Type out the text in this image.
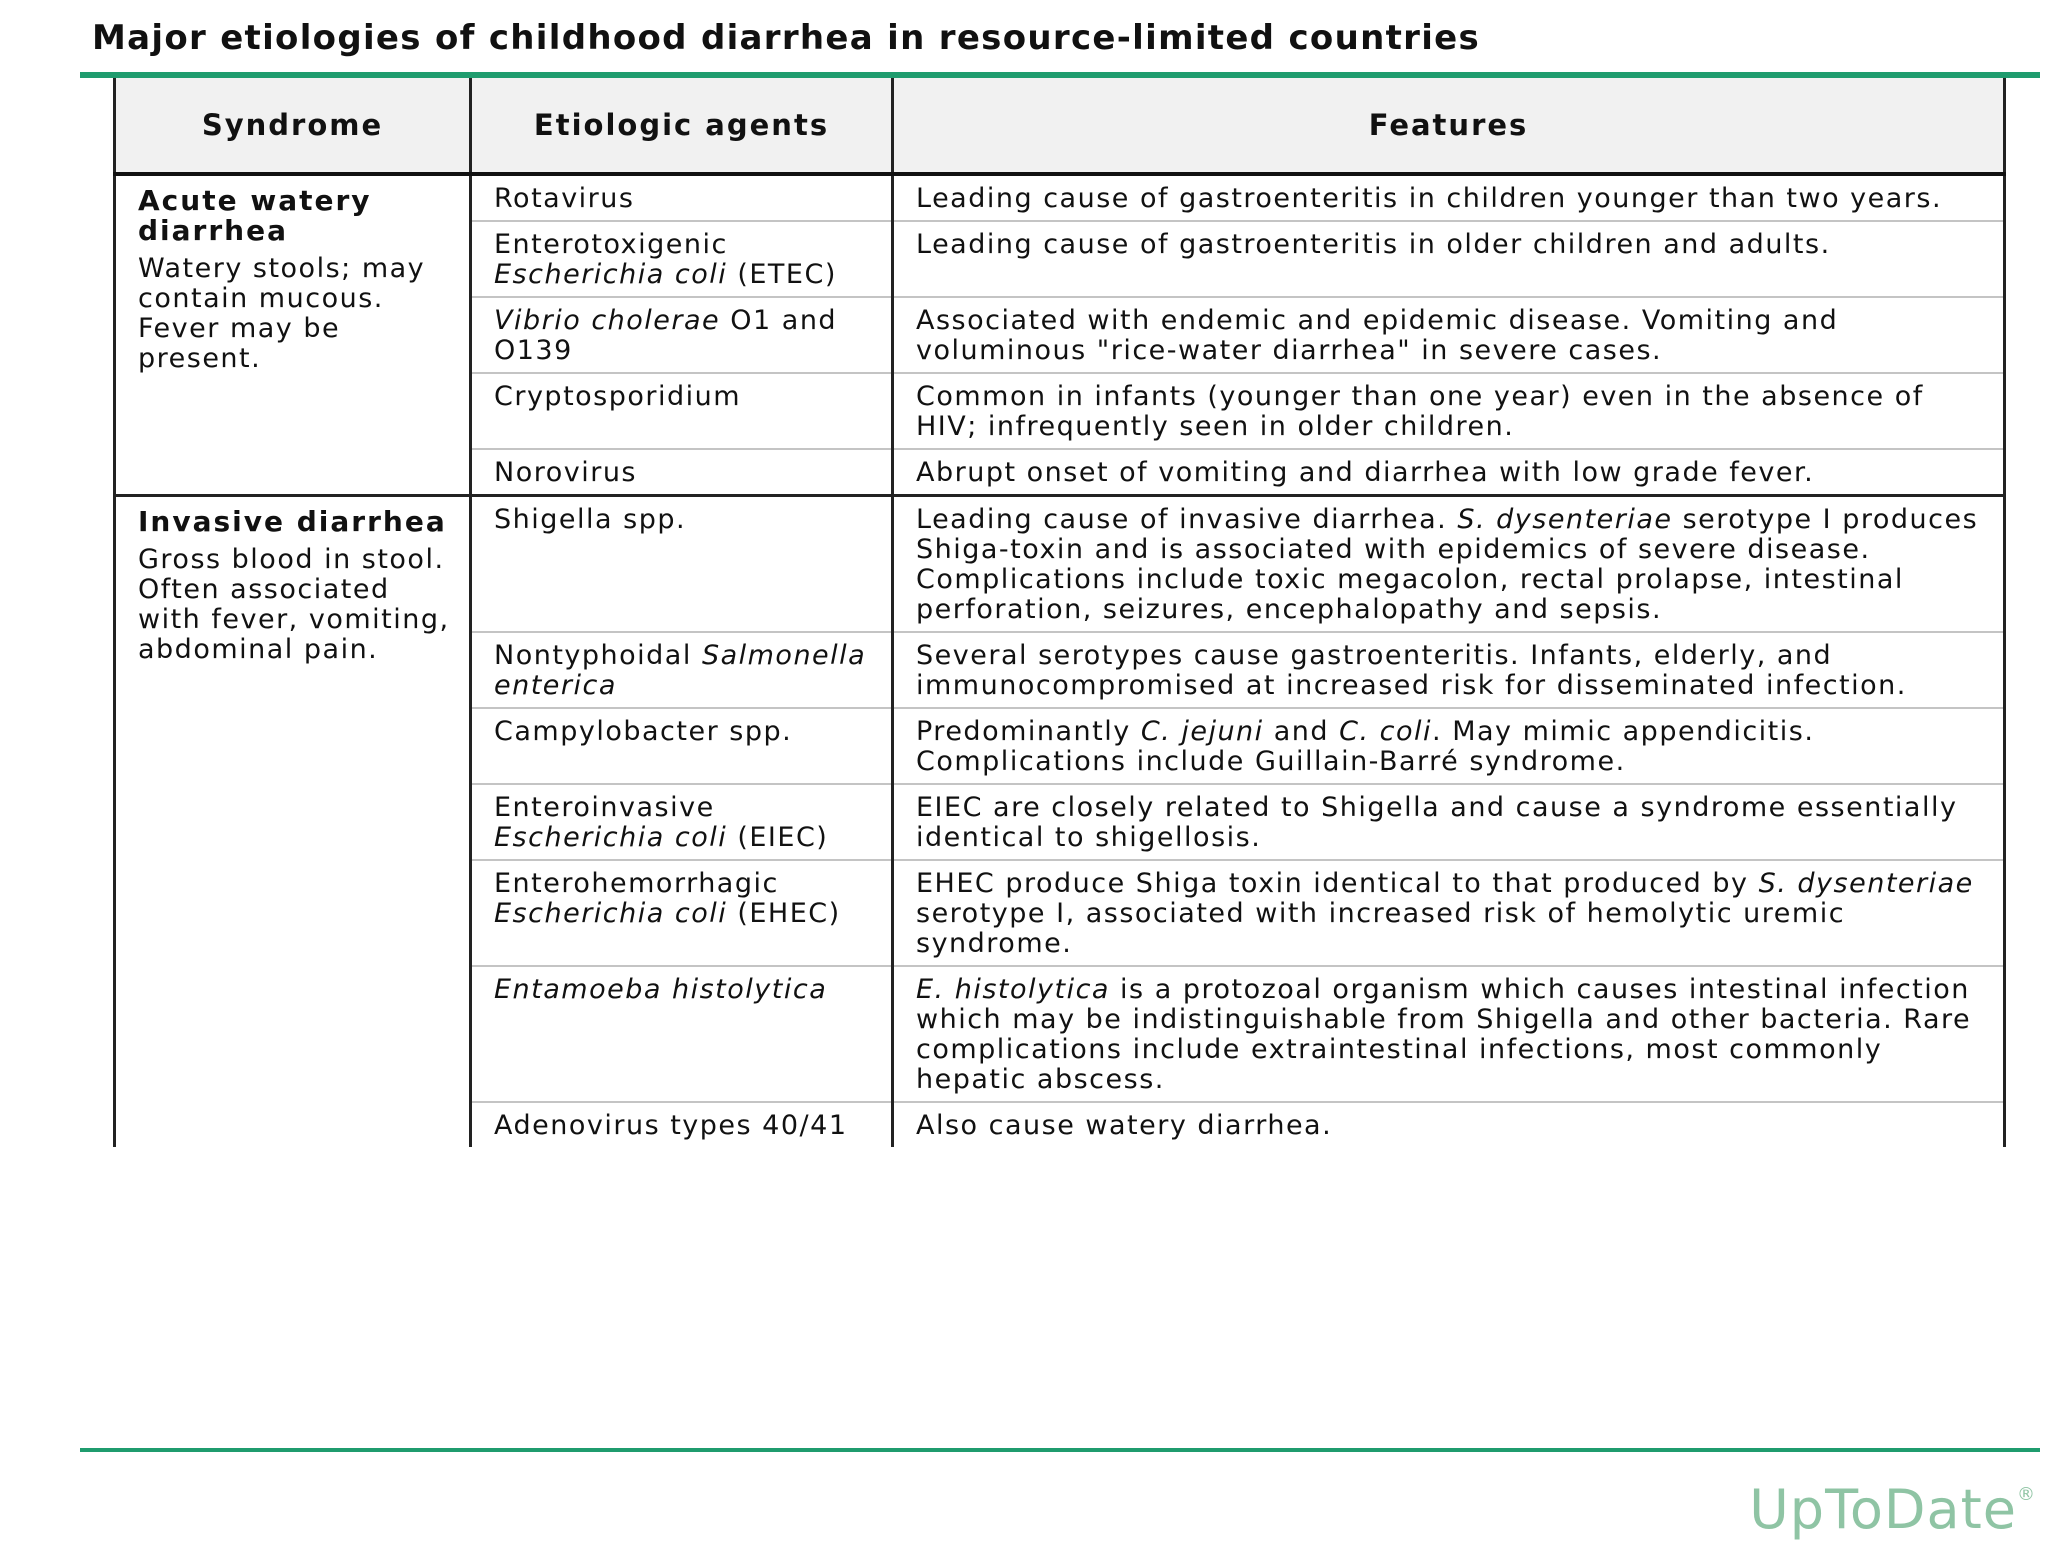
Major etiologies of childhood diarrhea in resource-limited countries
Syndrome	Etiologic agents	Features

Acute watery diarrhea
Watery stools; may contain mucous. Fever may be present.	Rotavirus	Leading cause of gastroenteritis in children younger than two years.
	Enterotoxigenic Escherichia coli (ETEC)	Leading cause of gastroenteritis in older children and adults.
	Vibrio cholerae O1 and O139	Associated with endemic and epidemic disease. Vomiting and voluminous "rice-water diarrhea" in severe cases.
	Cryptosporidium	Common in infants (younger than one year) even in the absence of HIV; infrequently seen in older children.
	Norovirus	Abrupt onset of vomiting and diarrhea with low grade fever.

Invasive diarrhea
Gross blood in stool. Often associated with fever, vomiting, abdominal pain.	Shigella spp.	Leading cause of invasive diarrhea. S. dysenteriae serotype I produces Shiga-toxin and is associated with epidemics of severe disease. Complications include toxic megacolon, rectal prolapse, intestinal perforation, seizures, encephalopathy and sepsis.
	Nontyphoidal Salmonella enterica	Several serotypes cause gastroenteritis. Infants, elderly, and immunocompromised at increased risk for disseminated infection.
	Campylobacter spp.	Predominantly C. jejuni and C. coli. May mimic appendicitis. Complications include Guillain-Barré syndrome.
	Enteroinvasive Escherichia coli (EIEC)	EIEC are closely related to Shigella and cause a syndrome essentially identical to shigellosis.
	Enterohemorrhagic Escherichia coli (EHEC)	EHEC produce Shiga toxin identical to that produced by S. dysenteriae serotype I, associated with increased risk of hemolytic uremic syndrome.
	Entamoeba histolytica	E. histolytica is a protozoal organism which causes intestinal infection which may be indistinguishable from Shigella and other bacteria. Rare complications include extraintestinal infections, most commonly hepatic abscess.
	Adenovirus types 40/41	Also cause watery diarrhea.
UpToDate®
